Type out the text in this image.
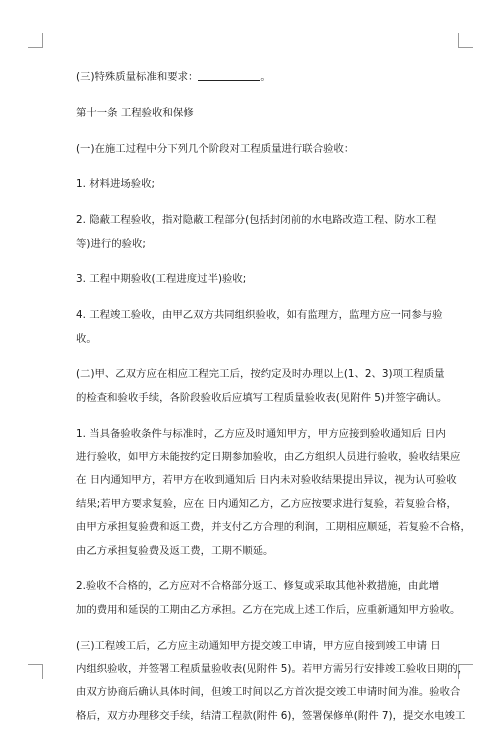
(三)特殊质量标准和要求：	。

第十一条 工程验收和保修

(一)在施工过程中分下列几个阶段对工程质量进行联合验收：

1. 材料进场验收;

2. 隐蔽工程验收，指对隐蔽工程部分(包括封闭前的水电路改造工程、防水工程
等)进行的验收;

3. 工程中期验收(工程进度过半)验收;

4. 工程竣工验收，由甲乙双方共同组织验收，如有监理方，监理方应一同参与验
收。

(二)甲、乙双方应在相应工程完工后，按约定及时办理以上(1、2、3)项工程质量
的检查和验收手续，各阶段验收后应填写工程质量验收表(见附件 5)并签字确认。

1. 当具备验收条件与标准时，乙方应及时通知甲方，甲方应接到验收通知后 日内
进行验收，如甲方未能按约定日期参加验收，由乙方组织人员进行验收，验收结果应
在 日内通知甲方，若甲方在收到通知后 日内未对验收结果提出异议，视为认可验收
结果;若甲方要求复验，应在 日内通知乙方，乙方应按要求进行复验，若复验合格，
由甲方承担复验费和返工费，并支付乙方合理的利润，工期相应顺延，若复验不合格，
由乙方承担复验费及返工费，工期不顺延。

2.验收不合格的，乙方应对不合格部分返工、修复或采取其他补救措施，由此增
加的费用和延误的工期由乙方承担。乙方在完成上述工作后，应重新通知甲方验收。

(三)工程竣工后，乙方应主动通知甲方提交竣工申请，甲方应自接到竣工申请 日
内组织验收，并签署工程质量验收表(见附件 5)。若甲方需另行安排竣工验收日期的，
由双方协商后确认具体时间，但竣工时间以乙方首次提交竣工申请时间为准。验收合
格后，双方办理移交手续，结清工程款(附件 6)，签署保修单(附件 7)，提交水电竣工
